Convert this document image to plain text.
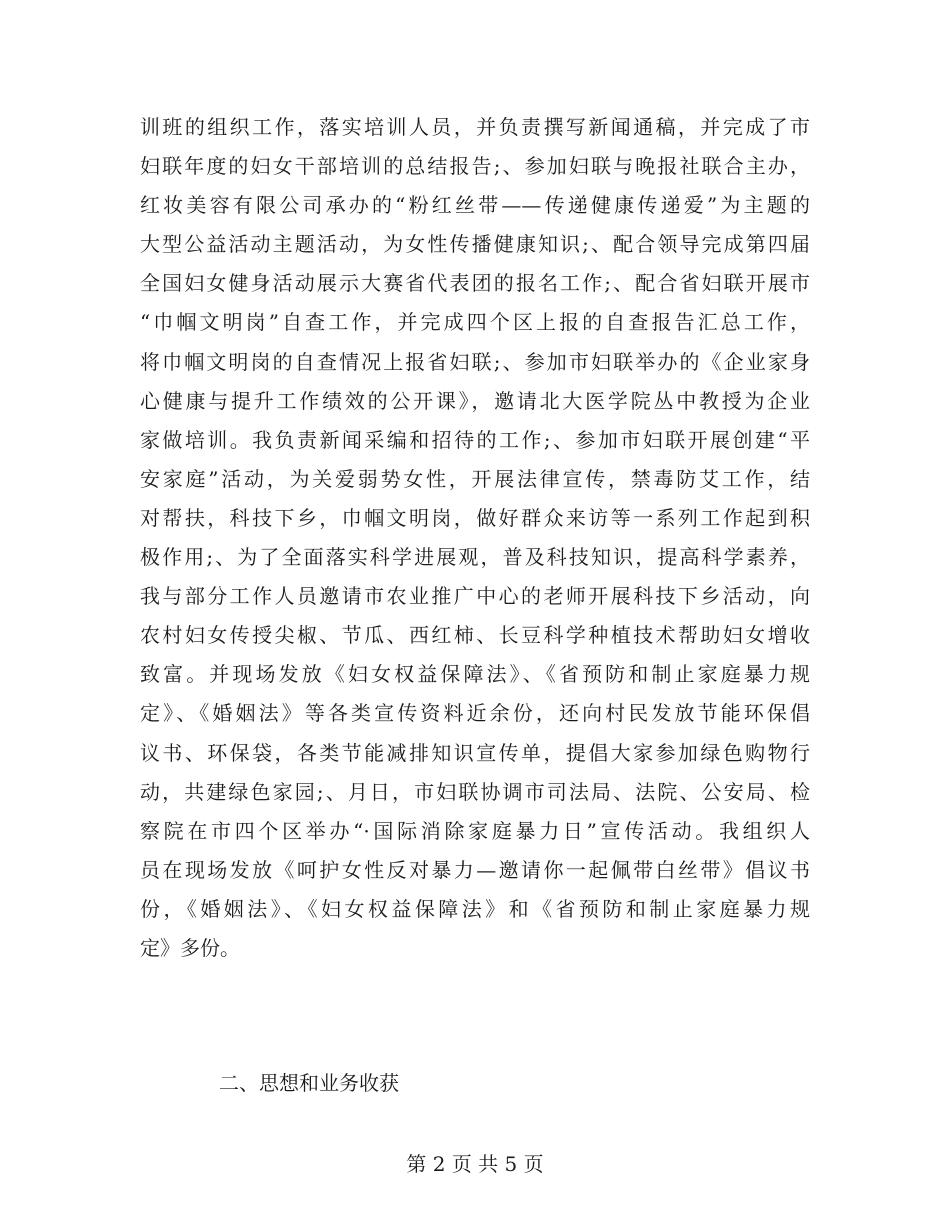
训班的组织工作，落实培训人员，并负责撰写新闻通稿，并完成了市
妇联年度的妇女干部培训的总结报告;、参加妇联与晚报社联合主办，
红妆美容有限公司承办的“粉红丝带——传递健康传递爱”为主题的
大型公益活动主题活动，为女性传播健康知识;、配合领导完成第四届
全国妇女健身活动展示大赛省代表团的报名工作;、配合省妇联开展市
“巾帼文明岗”自查工作，并完成四个区上报的自查报告汇总工作，
将巾帼文明岗的自查情况上报省妇联;、参加市妇联举办的《企业家身
心健康与提升工作绩效的公开课》，邀请北大医学院丛中教授为企业
家做培训。我负责新闻采编和招待的工作;、参加市妇联开展创建“平
安家庭”活动，为关爱弱势女性，开展法律宣传，禁毒防艾工作，结
对帮扶，科技下乡，巾帼文明岗，做好群众来访等一系列工作起到积
极作用;、为了全面落实科学进展观，普及科技知识，提高科学素养，
我与部分工作人员邀请市农业推广中心的老师开展科技下乡活动，向
农村妇女传授尖椒、节瓜、西红柿、长豆科学种植技术帮助妇女增收
致富。并现场发放《妇女权益保障法》、《省预防和制止家庭暴力规
定》、《婚姻法》等各类宣传资料近余份，还向村民发放节能环保倡
议书、环保袋，各类节能减排知识宣传单，提倡大家参加绿色购物行
动，共建绿色家园;、月日，市妇联协调市司法局、法院、公安局、检
察院在市四个区举办“·国际消除家庭暴力日”宣传活动。我组织人
员在现场发放《呵护女性反对暴力—邀请你一起佩带白丝带》倡议书
份，《婚姻法》、《妇女权益保障法》和《省预防和制止家庭暴力规
定》多份。
二、思想和业务收获
第 2 页 共 5 页
